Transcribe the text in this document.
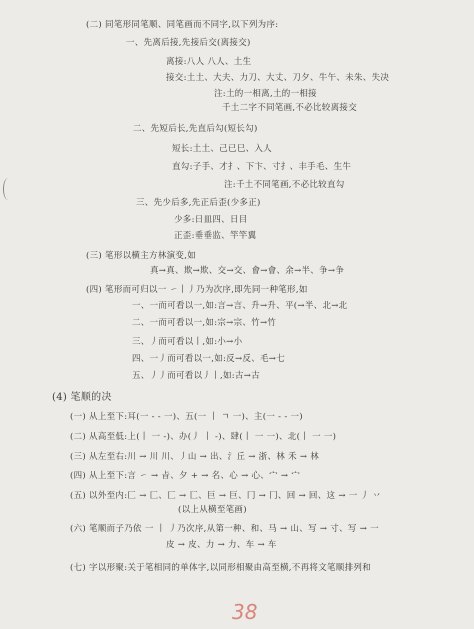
(二) 同笔形同笔顺、同笔画而不同字,以下列为序:
一、先离后接,先接后交(离接交)
离接:八人 八人、土生
接交:土土、大夫、力刀、大丈、刀夕、牛午、未朱、失决
注:土的一相离,土的一相接
千土二字不同笔画,不必比较离接交
二、先短后长,先直后勾(短长勾)
短长:土土、己已巳、入人
直勾:子手、才扌、下卞、寸扌、丰手毛、生牛
注:千土不同笔画,不必比较直勾
三、先少后多,先正后歪(少多正)
少多:日皿四、日目
正歪:垂垂监、竿竿翼
(三) 笔形以横主方林演变,如
真→真、欺→欺、交→交、會→會、余→半、争→争
(四) 笔形而可归以一 ㇀丨丿乃为次序,即先同一种笔形,如
一、一而可看以一,如:言→言、升→升、平(→半、北→北
二、一而可看以一,如:宗→宗、竹→竹
三、丿而可看以丨,如:小→小
四、一丿而可看以一,如:反→反、毛→七
五、丿丿而可看以丿丨,如:古→古
(4) 笔顺的决
(一) 从上至下:耳(一 - - 一)、五(一 丨 ㄱ 一)、主(一 - - 一)
(二) 从高至低:上(丨 一 -)、办(丿 丨 -)、肆(丨 一 一)、北(丨 一 一)
(三) 从左至右:川 → 川 川、丿山 → 出、氵丘 → 浙、林 禾 → 林
(四) 从上至下:言 ㇀ → 㫖、夕 + → 名、心 → 心、宀 → 宀
(五) 以外至内:匚 → 匚、匸 → 匸、巨 → 巨、冂 → 冂、回 → 回、这 → 一 丿 丷
(以上从横至笔画)
(六) 笔顺而子乃依 一 丨 丿乃次序,从第一种、和、马 → 山、写 → 寸、写 → 一
皮 → 皮、力 → 力、车 → 车
(七) 字以形聚:关于笔相同的单体字,以同形相聚由高至横,不再将文笔顺排列和
38
